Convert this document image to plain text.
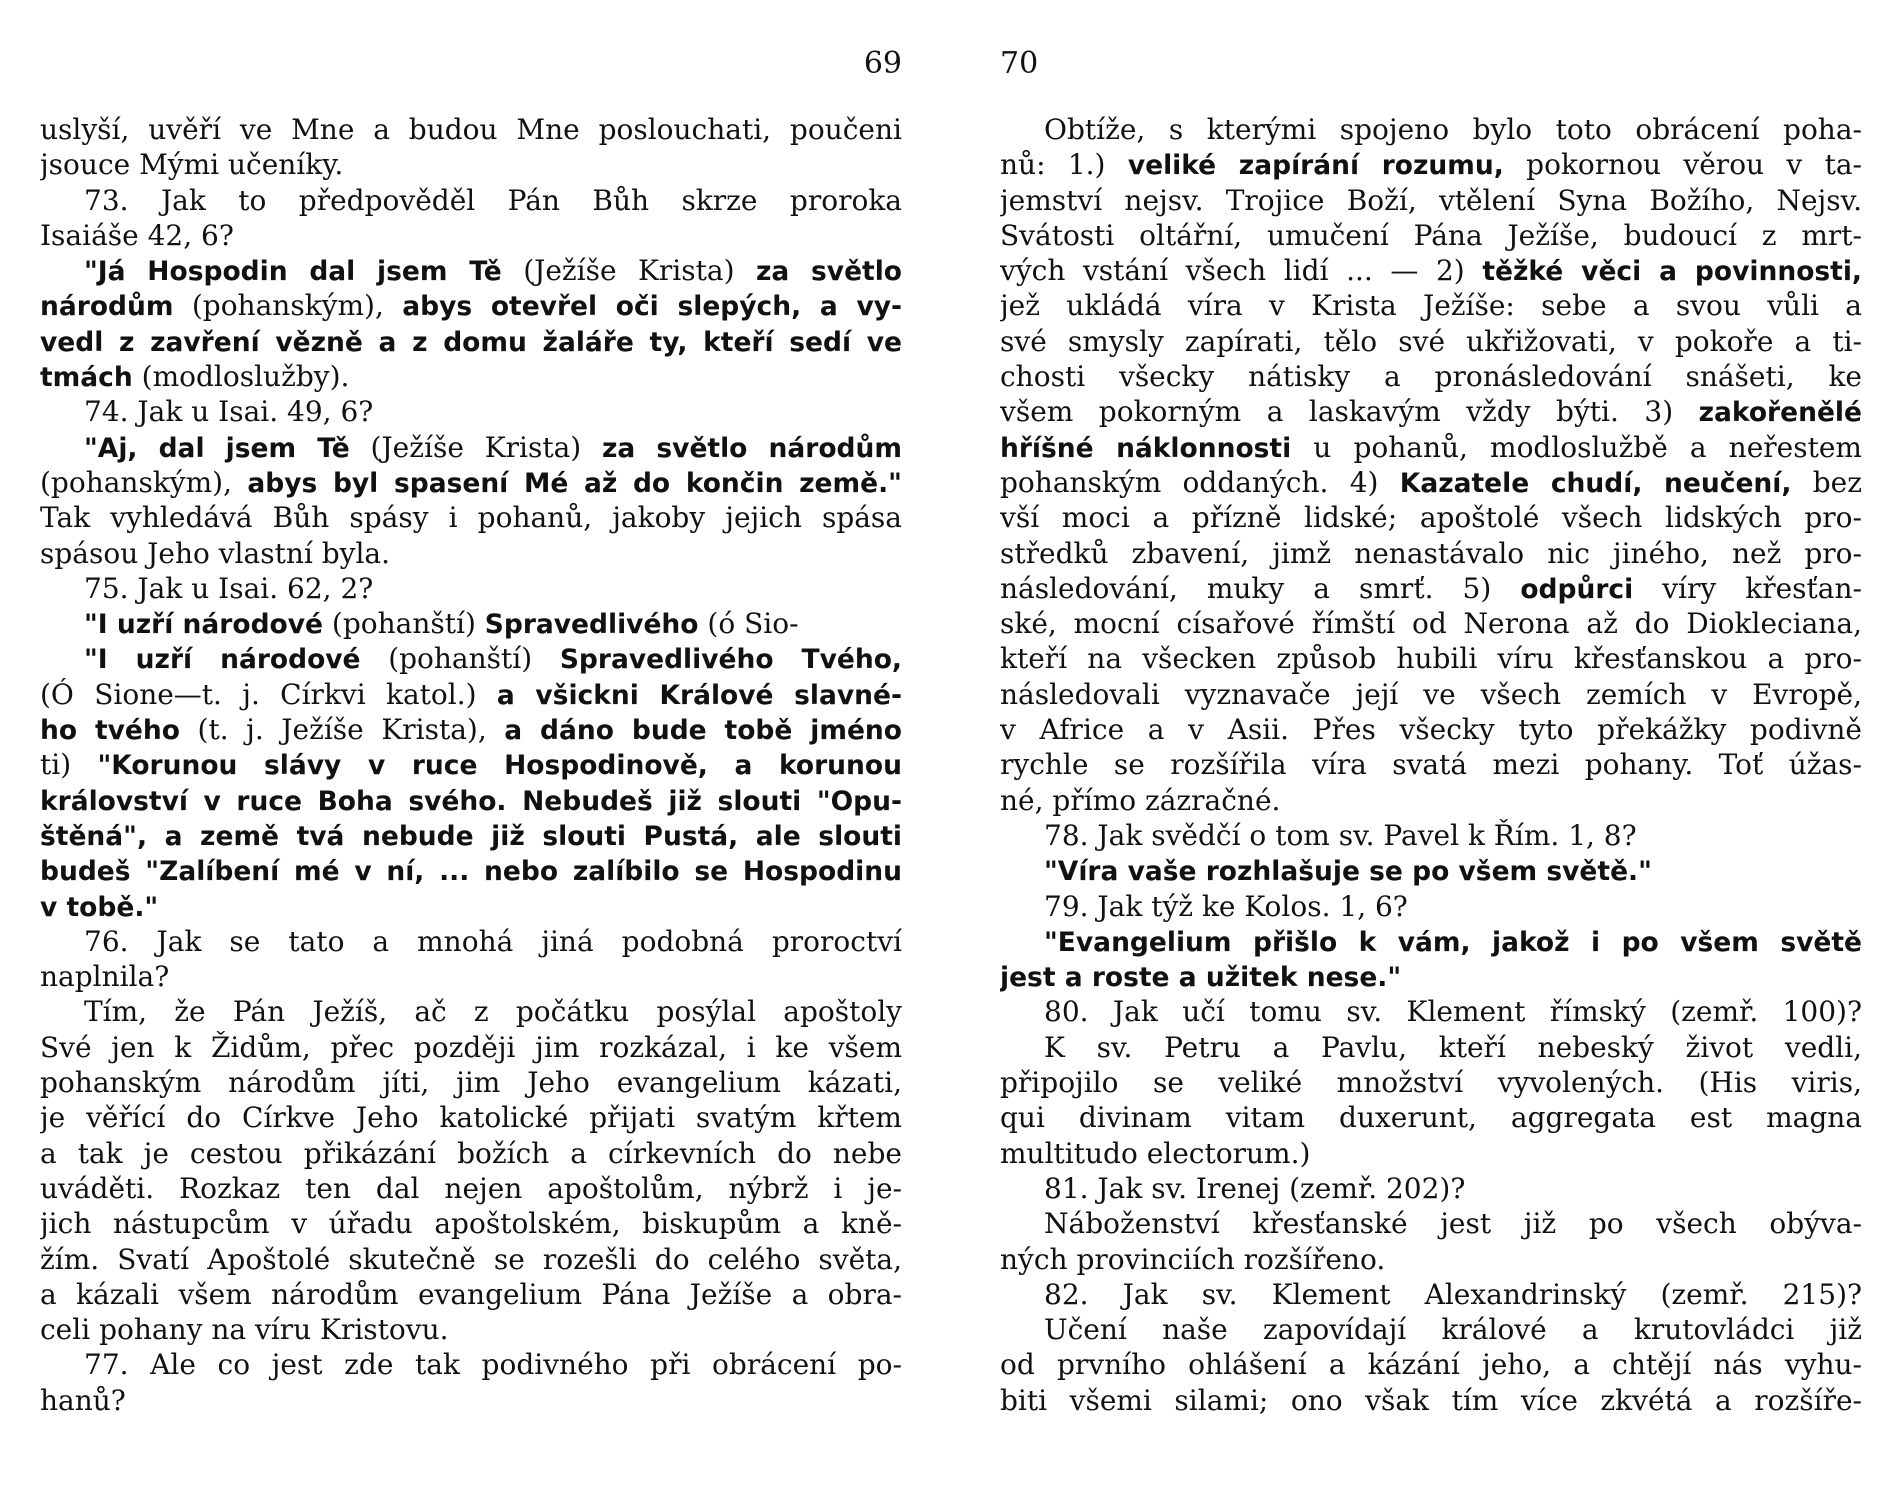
69
uslyší, uvěří ve Mne a budou Mne poslouchati, poučeni
jsouce Mými učeníky.
73. Jak to předpověděl Pán Bůh skrze proroka
Isaiáše 42, 6?
"Já Hospodin dal jsem Tě (Ježíše Krista) za světlo
národům (pohanským), abys otevřel oči slepých, a vy-
vedl z zavření vězně a z domu žaláře ty, kteří sedí ve
tmách (modloslužby).
74. Jak u Isai. 49, 6?
"Aj, dal jsem Tě (Ježíše Krista) za světlo národům
(pohanským), abys byl spasení Mé až do končin země."
Tak vyhledává Bůh spásy i pohanů, jakoby jejich spása
spásou Jeho vlastní byla.
75. Jak u Isai. 62, 2?
"I uzří národové (pohanští) Spravedlivého (ó Sio-
"I uzří národové (pohanští) Spravedlivého Tvého,
(Ó Sione—t. j. Církvi katol.) a všickni Králové slavné-
ho tvého (t. j. Ježíše Krista), a dáno bude tobě jméno
ti) "Korunou slávy v ruce Hospodinově, a korunou
království v ruce Boha svého. Nebudeš již slouti "Opu-
štěná", a země tvá nebude již slouti Pustá, ale slouti
budeš "Zalíbení mé v ní, ... nebo zalíbilo se Hospodinu
v tobě."
76. Jak se tato a mnohá jiná podobná proroctví
naplnila?
Tím, že Pán Ježíš, ač z počátku posýlal apoštoly
Své jen k Židům, přec později jim rozkázal, i ke všem
pohanským národům jíti, jim Jeho evangelium kázati,
je věřící do Církve Jeho katolické přijati svatým křtem
a tak je cestou přikázání božích a církevních do nebe
uváděti. Rozkaz ten dal nejen apoštolům, nýbrž i je-
jich nástupcům v úřadu apoštolském, biskupům a kně-
žím. Svatí Apoštolé skutečně se rozešli do celého světa,
a kázali všem národům evangelium Pána Ježíše a obra-
celi pohany na víru Kristovu.
77. Ale co jest zde tak podivného při obrácení po-
hanů?
70
Obtíže, s kterými spojeno bylo toto obrácení poha-
nů: 1.) veliké zapírání rozumu, pokornou věrou v ta-
jemství nejsv. Trojice Boží, vtělení Syna Božího, Nejsv.
Svátosti oltářní, umučení Pána Ježíše, budoucí z mrt-
vých vstání všech lidí ... — 2) těžké věci a povinnosti,
jež ukládá víra v Krista Ježíše: sebe a svou vůli a
své smysly zapírati, tělo své ukřižovati, v pokoře a ti-
chosti všecky nátisky a pronásledování snášeti, ke
všem pokorným a laskavým vždy býti. 3) zakořenělé
hříšné náklonnosti u pohanů, modloslužbě a neřestem
pohanským oddaných. 4) Kazatele chudí, neučení, bez
vší moci a přízně lidské; apoštolé všech lidských pro-
středků zbavení, jimž nenastávalo nic jiného, než pro-
následování, muky a smrť. 5) odpůrci víry křesťan-
ské, mocní císařové římští od Nerona až do Diokleciana,
kteří na všecken způsob hubili víru křesťanskou a pro-
následovali vyznavače její ve všech zemích v Evropě,
v Africe a v Asii. Přes všecky tyto překážky podivně
rychle se rozšířila víra svatá mezi pohany. Toť úžas-
né, přímo zázračné.
78. Jak svědčí o tom sv. Pavel k Řím. 1, 8?
"Víra vaše rozhlašuje se po všem světě."
79. Jak týž ke Kolos. 1, 6?
"Evangelium přišlo k vám, jakož i po všem světě
jest a roste a užitek nese."
80. Jak učí tomu sv. Klement římský (zemř. 100)?
K sv. Petru a Pavlu, kteří nebeský život vedli,
připojilo se veliké množství vyvolených. (His viris,
qui divinam vitam duxerunt, aggregata est magna
multitudo electorum.)
81. Jak sv. Irenej (zemř. 202)?
Náboženství křesťanské jest již po všech obýva-
ných provinciích rozšířeno.
82. Jak sv. Klement Alexandrinský (zemř. 215)?
Učení naše zapovídají králové a krutovládci již
od prvního ohlášení a kázání jeho, a chtějí nás vyhu-
biti všemi silami; ono však tím více zkvétá a rozšíře-
